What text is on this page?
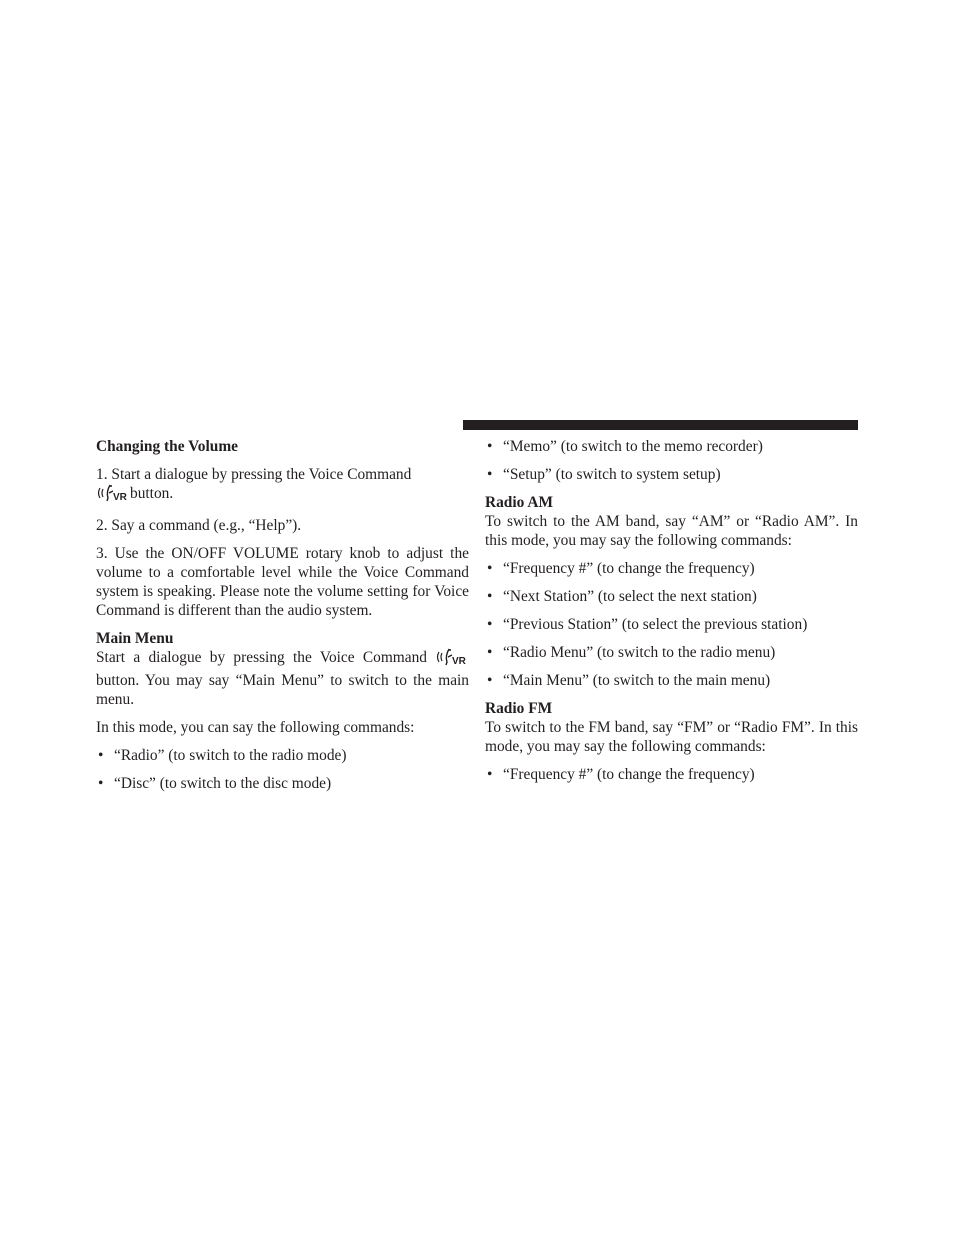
Changing the Volume

1. Start a dialogue by pressing the Voice Command

VR button.

2. Say a command (e.g., “Help”).

3. Use the ON/OFF VOLUME rotary knob to adjust the volume to a comfortable level while the Voice Command system is speaking. Please note the volume setting for Voice Command is different than the audio system.

Main Menu

Start a dialogue by pressing the Voice Command	VR
button. You may say “Main Menu” to switch to the main menu.

In this mode, you can say the following commands:

• “Radio” (to switch to the radio mode)
• “Disc” (to switch to the disc mode)
• “Memo” (to switch to the memo recorder)
• “Setup” (to switch to system setup)
Radio AM

To switch to the AM band, say “AM” or “Radio AM”. In this mode, you may say the following commands:

• “Frequency #” (to change the frequency)
• “Next Station” (to select the next station)
• “Previous Station” (to select the previous station)
• “Radio Menu” (to switch to the radio menu)
• “Main Menu” (to switch to the main menu)
Radio FM

To switch to the FM band, say “FM” or “Radio FM”. In this mode, you may say the following commands:

• “Frequency #” (to change the frequency)
